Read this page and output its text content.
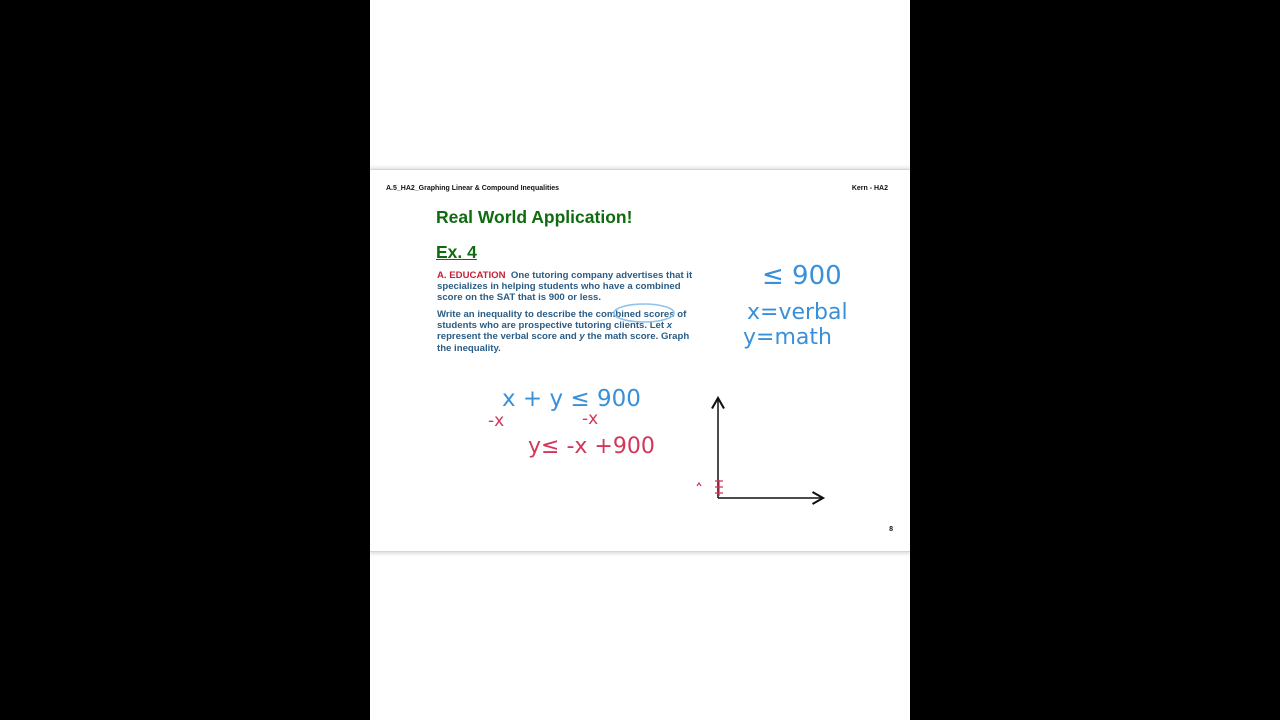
A.5_HA2_Graphing Linear & Compound Inequalities	Kern - HA2
Real World Application!
Ex. 4
A. EDUCATION One tutoring company advertises that it specializes in helping students who have a combined score on the SAT that is 900 or less.
Write an inequality to describe the combined scores of students who are prospective tutoring clients. Let x represent the verbal score and y the math score. Graph the inequality.
≤ 900
x=verbal
y=math
x + y ≤ 900
-x	-x
y≤ -x +900
8
